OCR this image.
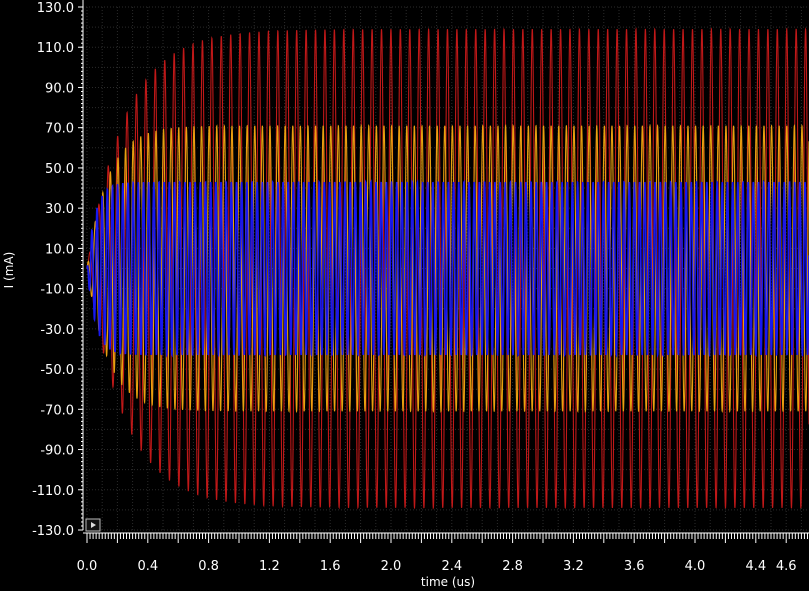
130.0
110.0
90.0
70.0
50.0
30.0
10.0
-10.0
-30.0
-50.0
-70.0
-90.0
-110.0
-130.0
0.0	0.4	0.8	1.2	1.6	2.0	2.4	2.8	3.2	3.6	4.0	4.4 4.6
time (us)
I (mA)
